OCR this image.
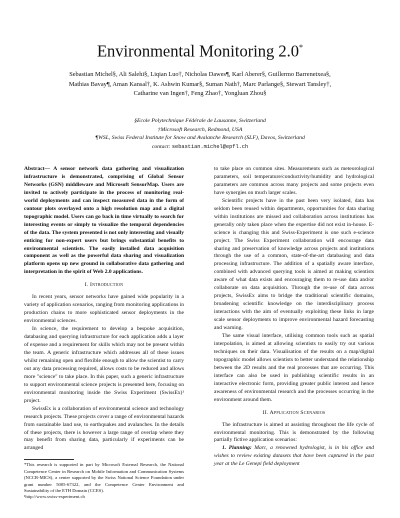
Environmental Monitoring 2.0*
Sebastian Michel§, Ali Salehi§, Liqian Luo†, Nicholas Dawes¶, Karl Aberer§, Guillermo Barrenetxea§,
Mathias Bavay¶, Aman Kansal†, K. Ashwin Kumar§, Suman Nath†, Marc Parlange§, Stewart Tansley†,
Catharine van Ingen†, Feng Zhao†, Yongluan Zhou§
§Ecole Polytechnique Fédérale de Lausanne, Switzerland
†Microsoft Research, Redmond, USA
¶WSL, Swiss Federal Institute for Snow and Avalanche Research (SLF), Davos, Switzerland
contact: sebastian.michel@epfl.ch

Abstract— A sensor network data gathering and visualization infrastructure is demonstrated, comprising of Global Sensor Networks (GSN) middleware and Microsoft SensorMap. Users are invited to actively participate in the process of monitoring real-world deployments and can inspect measured data in the form of contour plots overlayed onto a high resolution map and a digital topographic model. Users can go back in time virtually to search for interesting events or simply to visualize the temporal dependencies of the data. The system presented is not only interesting and visually enticing for non-expert users but brings substantial benefits to environmental scientists. The easily installed data acquisition component as well as the powerful data sharing and visualization platform opens up new ground in collaborative data gathering and interpretation in the spirit of Web 2.0 applications.

I. Introduction

In recent years, sensor networks have gained wide popularity in a variety of application scenarios, ranging from monitoring applications in production chains to more sophisticated sensor deployments in the environmental sciences.

In science, the requirement to develop a bespoke acquisition, databasing and querying infrastructure for each application adds a layer of expense and a requirement for skills which may not be present within the team. A generic infrastructure which addresses all of these issues whilst remaining open and flexible enough to allow the scientist to carry out any data processing required, allows costs to be reduced and allows more "science" to take place. In this paper, such a generic infrastructure to support environmental science projects is presented here, focusing on environmental monitoring inside the Swiss Experiment (SwissEx)¹ project.

SwissEx is a collaboration of environmental science and technology research projects. These projects cover a range of environmental hazards from sustainable land use, to earthquakes and avalanches. In the details of these projects, there is however a large range of overlap where they may benefit from sharing data, particularly if experiments can be arranged

*This research is supported in part by Microsoft External Research, the National Competence Center in Research on Mobile Information and Communication Systems (NCCR-MICS), a center supported by the Swiss National Science Foundation under grant number 5005-67322, and the Competence Center Environment and Sustainability of the ETH Domain (CCES).

¹http://www.swiss-experiment.ch

to take place on common sites. Measurements such as meteorological parameters, soil temperature/conductivity/humidity and hydrological parameters are common across many projects and some projects even have synergies on much larger scales.

Scientific projects have in the past been very isolated, data has seldom been reused within departments, opportunities for data sharing within institutions are missed and collaboration across institutions has generally only taken place when the expertise did not exist in-house. E-science is changing this and Swiss-Experiment is one such e-science project. The Swiss Experiment collaboration will encourage data sharing and preservation of knowledge across projects and institutions through the use of a common, state-of-the-art databasing and data processing infrastructure. The addition of a spatially aware interface, combined with advanced querying tools is aimed at making scientists aware of what data exists and encouraging them to re-use data and/or collaborate on data acquisition. Through the re-use of data across projects, SwissEx aims to bridge the traditional scientific domains, broadening scientific knowledge on the interdisciplinary process interactions with the aim of eventually exploiting these links in large scale sensor deployments to improve environmental hazard forecasting and warning.

The same visual interface, utilising common tools such as spatial interpolation, is aimed at allowing scientists to easily try out various techniques on their data. Visualisation of the results on a map/digital topographic model allows scientists to better understand the relationship between the 2D results and the real processes that are occurring. This interface can also be used in publishing scientific results in an interactive electronic form, providing greater public interest and hence awareness of environmental research and the processes occurring in the environment around them.

II. Application Scenarios

The infrastructure is aimed at assisting throughout the life cycle of environmental monitoring. This is demonstrated by the following partially fictive application scenarios:

1. Planning: Marc, a renowned hydrologist, is in his office and wishes to review existing datasets that have been captured in the past year at the Le Genepi field deployment
